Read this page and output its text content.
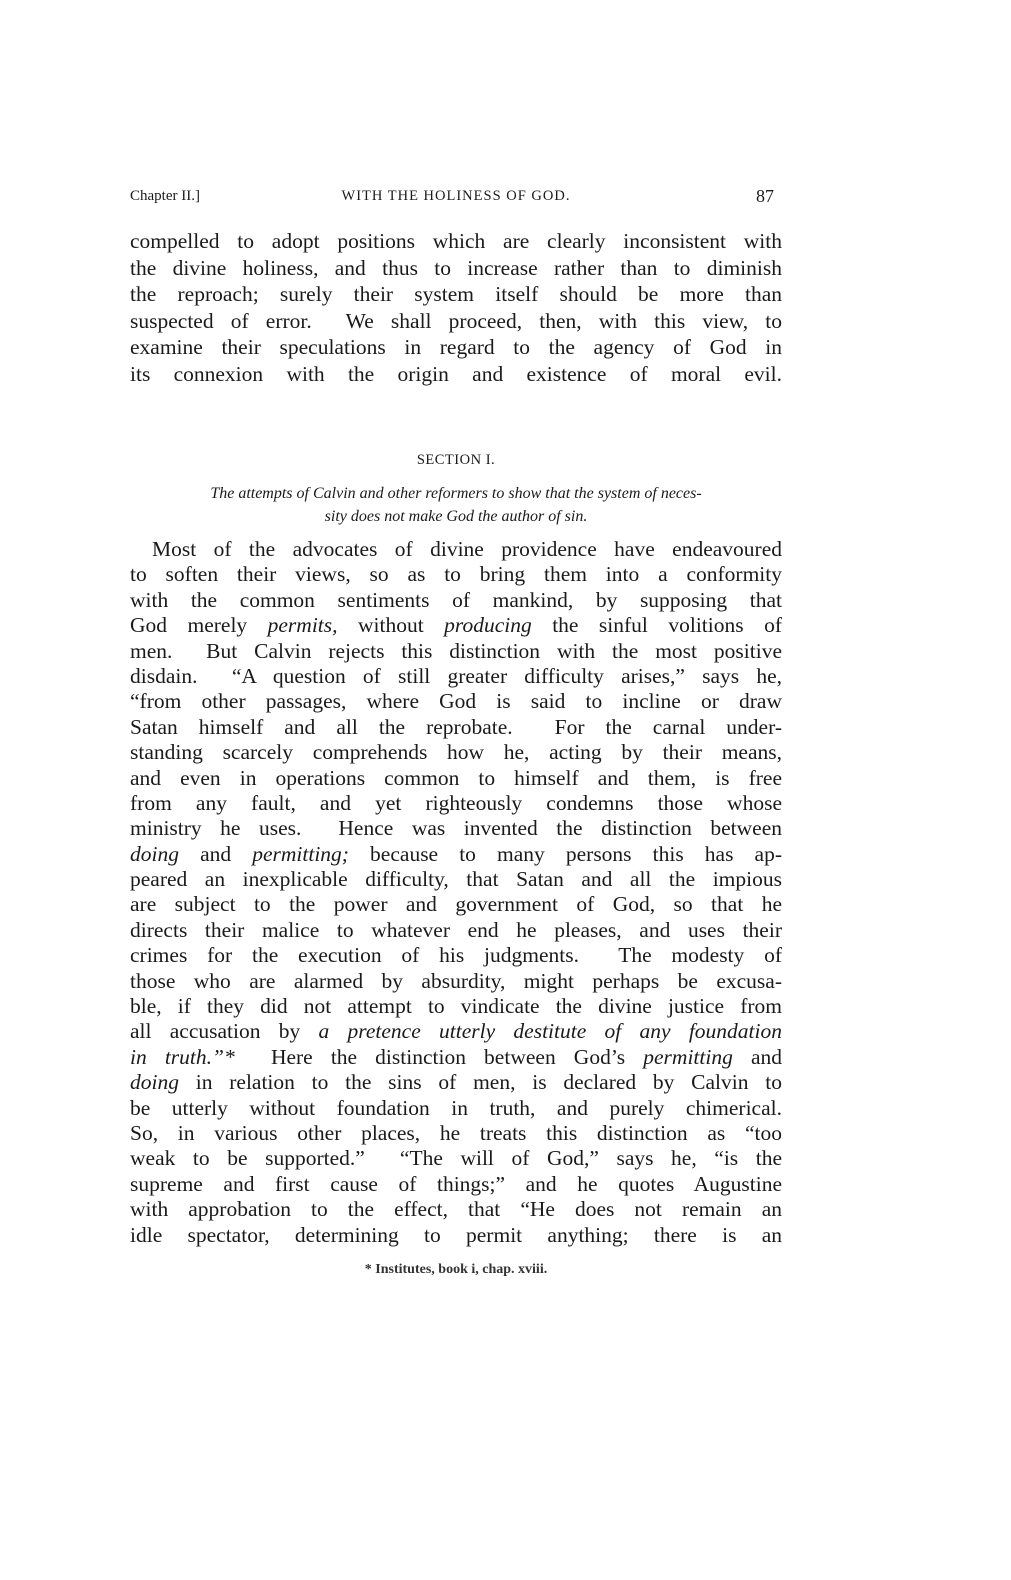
Chapter II.]	WITH THE HOLINESS OF GOD.	87
compelled to adopt positions which are clearly inconsistent with
the divine holiness, and thus to increase rather than to diminish
the reproach; surely their system itself should be more than
suspected of error.  We shall proceed, then, with this view, to
examine their speculations in regard to the agency of God in
its connexion with the origin and existence of moral evil.
SECTION I.
The attempts of Calvin and other reformers to show that the system of neces-
sity does not make God the author of sin.
Most of the advocates of divine providence have endeavoured
to soften their views, so as to bring them into a conformity
with the common sentiments of mankind, by supposing that
God merely permits, without producing the sinful volitions of
men.  But Calvin rejects this distinction with the most positive
disdain.  “A question of still greater difficulty arises,” says he,
“from other passages, where God is said to incline or draw
Satan himself and all the reprobate.  For the carnal under-
standing scarcely comprehends how he, acting by their means,
and even in operations common to himself and them, is free
from any fault, and yet righteously condemns those whose
ministry he uses.  Hence was invented the distinction between
doing and permitting; because to many persons this has ap-
peared an inexplicable difficulty, that Satan and all the impious
are subject to the power and government of God, so that he
directs their malice to whatever end he pleases, and uses their
crimes for the execution of his judgments.  The modesty of
those who are alarmed by absurdity, might perhaps be excusa-
ble, if they did not attempt to vindicate the divine justice from
all accusation by a pretence utterly destitute of any foundation
in truth.”*  Here the distinction between God’s permitting and
doing in relation to the sins of men, is declared by Calvin to
be utterly without foundation in truth, and purely chimerical.
So, in various other places, he treats this distinction as “too
weak to be supported.”  “The will of God,” says he, “is the
supreme and first cause of things;” and he quotes Augustine
with approbation to the effect, that “He does not remain an
idle spectator, determining to permit anything; there is an
* Institutes, book i, chap. xviii.
